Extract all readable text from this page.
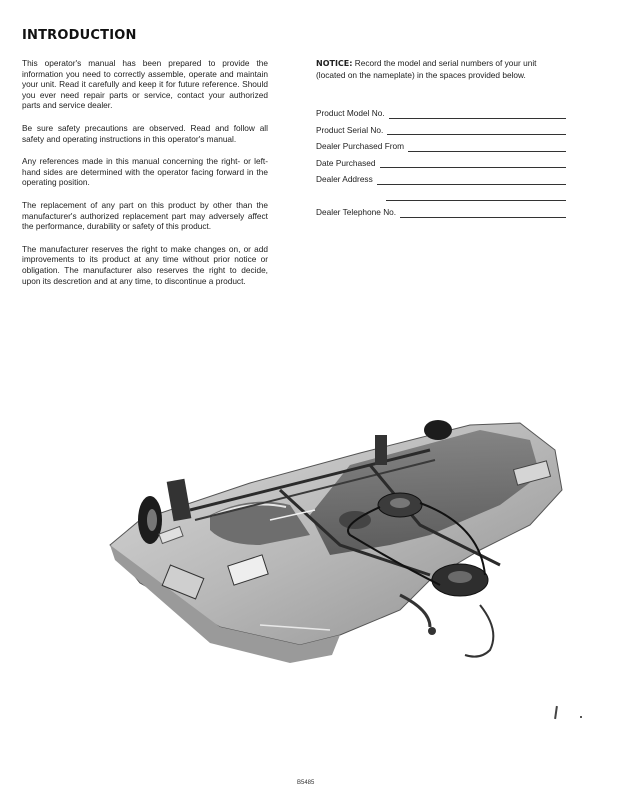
INTRODUCTION

This operator's manual has been prepared to provide the information you need to correctly assemble, operate and maintain your unit. Read it carefully and keep it for future reference. Should you ever need repair parts or service, contact your authorized parts and service dealer.

Be sure safety precautions are observed. Read and follow all safety and operating instructions in this operator's manual.

Any references made in this manual concerning the right- or left-hand sides are determined with the operator facing forward in the operating position.

The replacement of any part on this product by other than the manufacturer's authorized replacement part may adversely affect the performance, durability or safety of this product.

The manufacturer reserves the right to make changes on, or add improvements to its product at any time without prior notice or obligation. The manufacturer also reserves the right to decide, upon its descretion and at any time, to discontinue a product.

NOTICE: Record the model and serial numbers of your unit (located on the nameplate) in the spaces provided below.

Product Model No.
Product Serial No.
Dealer Purchased From
Date Purchased
Dealer Address
Dealer Telephone No.
B5485
